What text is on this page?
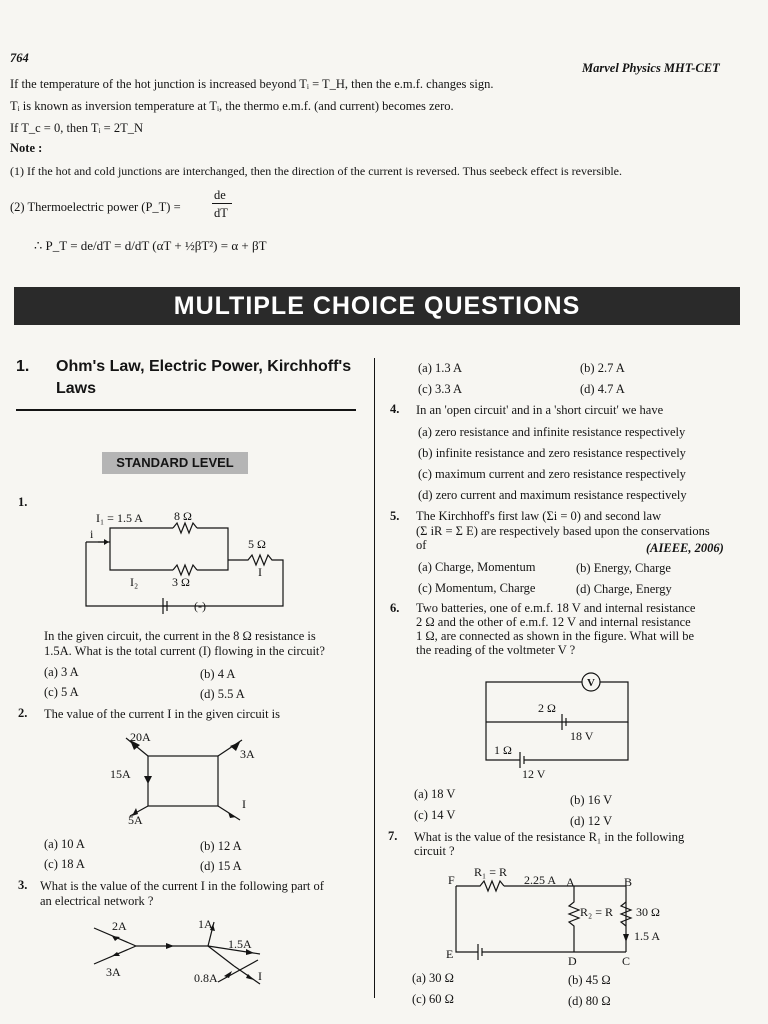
764
Marvel Physics MHT-CET
If the temperature of the hot junction is increased beyond Tᵢ = T_H, then the e.m.f. changes sign.
Tᵢ is known as inversion temperature at Tᵢ, the thermo e.m.f. (and current) becomes zero.
If T_c = 0, then Tᵢ = 2T_N
Note :
(1) If the hot and cold junctions are interchanged, then the direction of the current is reversed. Thus seebeck effect is reversible.
(2) Thermoelectric power (P_T) =
de
dT
∴ P_T = de/dT = d/dT (αT + ½βT²) = α + βT
MULTIPLE CHOICE QUESTIONS
1. Ohm's Law, Electric Power, Kirchhoff's
Laws
STANDARD LEVEL
1.
I₁ = 1.5 A	8 Ω
5 Ω
i
I
I₂	3 Ω
(-)
In the given circuit, the current in the 8 Ω resistance is
1.5A. What is the total current (I) flowing in the circuit?
(a) 3 A	(b) 4 A
(c) 5 A	(d) 5.5 A
2. The value of the current I in the given circuit is
20A
3A
15A
5A
I
(a) 10 A	(b) 12 A
(c) 18 A	(d) 15 A
3. What is the value of the current I in the following part of
an electrical network ?
2A	1A
1.5A
3A	0.8A	I
(a) 1.3 A	(b) 2.7 A
(c) 3.3 A	(d) 4.7 A
4. In an 'open circuit' and in a 'short circuit' we have
(a) zero resistance and infinite resistance respectively
(b) infinite resistance and zero resistance respectively
(c) maximum current and zero resistance respectively
(d) zero current and maximum resistance respectively
5. The Kirchhoff's first law (Σi = 0) and second law
(Σ iR = Σ E) are respectively based upon the conservations
of	(AIEEE, 2006)
(a) Charge, Momentum	(b) Energy, Charge
(c) Momentum, Charge	(d) Charge, Energy
6. Two batteries, one of e.m.f. 18 V and internal resistance
2 Ω and the other of e.m.f. 12 V and internal resistance
1 Ω, are connected as shown in the figure. What will be
the reading of the voltmeter V ?
V
2 Ω
18 V
1 Ω
12 V
(a) 18 V	(b) 16 V
(c) 14 V	(d) 12 V
7. What is the value of the resistance R₁ in the following
circuit ?
F
R₁ = R
2.25 A A	B
R₂ = R 30 Ω
1.5 A
E	D	C
(a) 30 Ω	(b) 45 Ω
(c) 60 Ω	(d) 80 Ω
